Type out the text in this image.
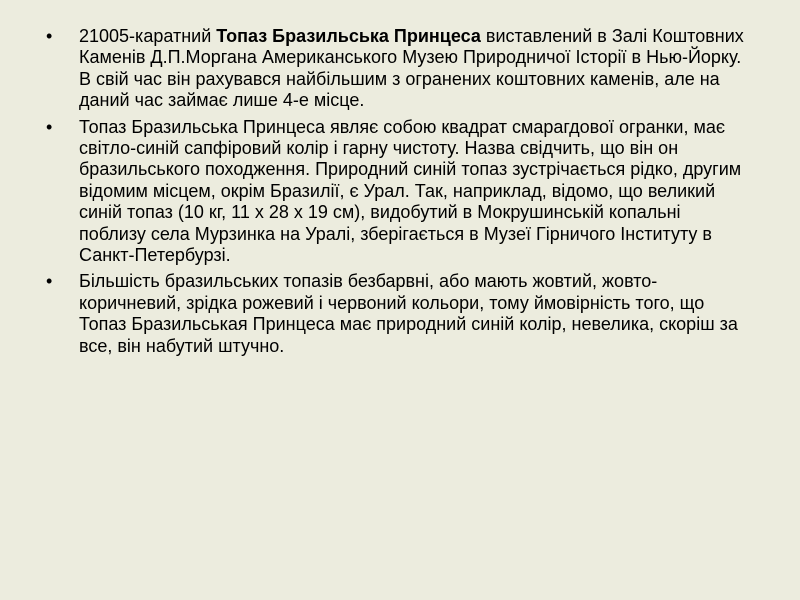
• 21005-каратний Топаз Бразильська Принцеса виставлений в Залі Коштовних Каменів Д.П.Моргана Американського Музею Природничої Історії в Нью-Йорку. В свій час він рахувався найбільшим з огранених коштовних каменів, але на даний час займає лише 4-е місце.
• Топаз Бразильська Принцеса являє собою квадрат смарагдової огранки, має світло-синій сапфіровий колір і гарну чистоту. Назва свідчить, що він он бразильського походження. Природний синій топаз зустрічається рідко, другим відомим місцем, окрім Бразилії, є Урал. Так, наприклад, відомо, що великий синій топаз (10 кг, 11 х 28 х 19 см), видобутий в Мокрушинській копальні поблизу села Мурзинка на Уралі, зберігається в Музеї Гірничого Інституту в Санкт-Петербурзі.
• Більшість бразильських топазів безбарвні, або мають жовтий, жовто-коричневий, зрідка рожевий і червоний кольори, тому ймовірність того, що Топаз Бразильськая Принцеса має природний синій колір, невелика, скоріш за все, він набутий штучно.
